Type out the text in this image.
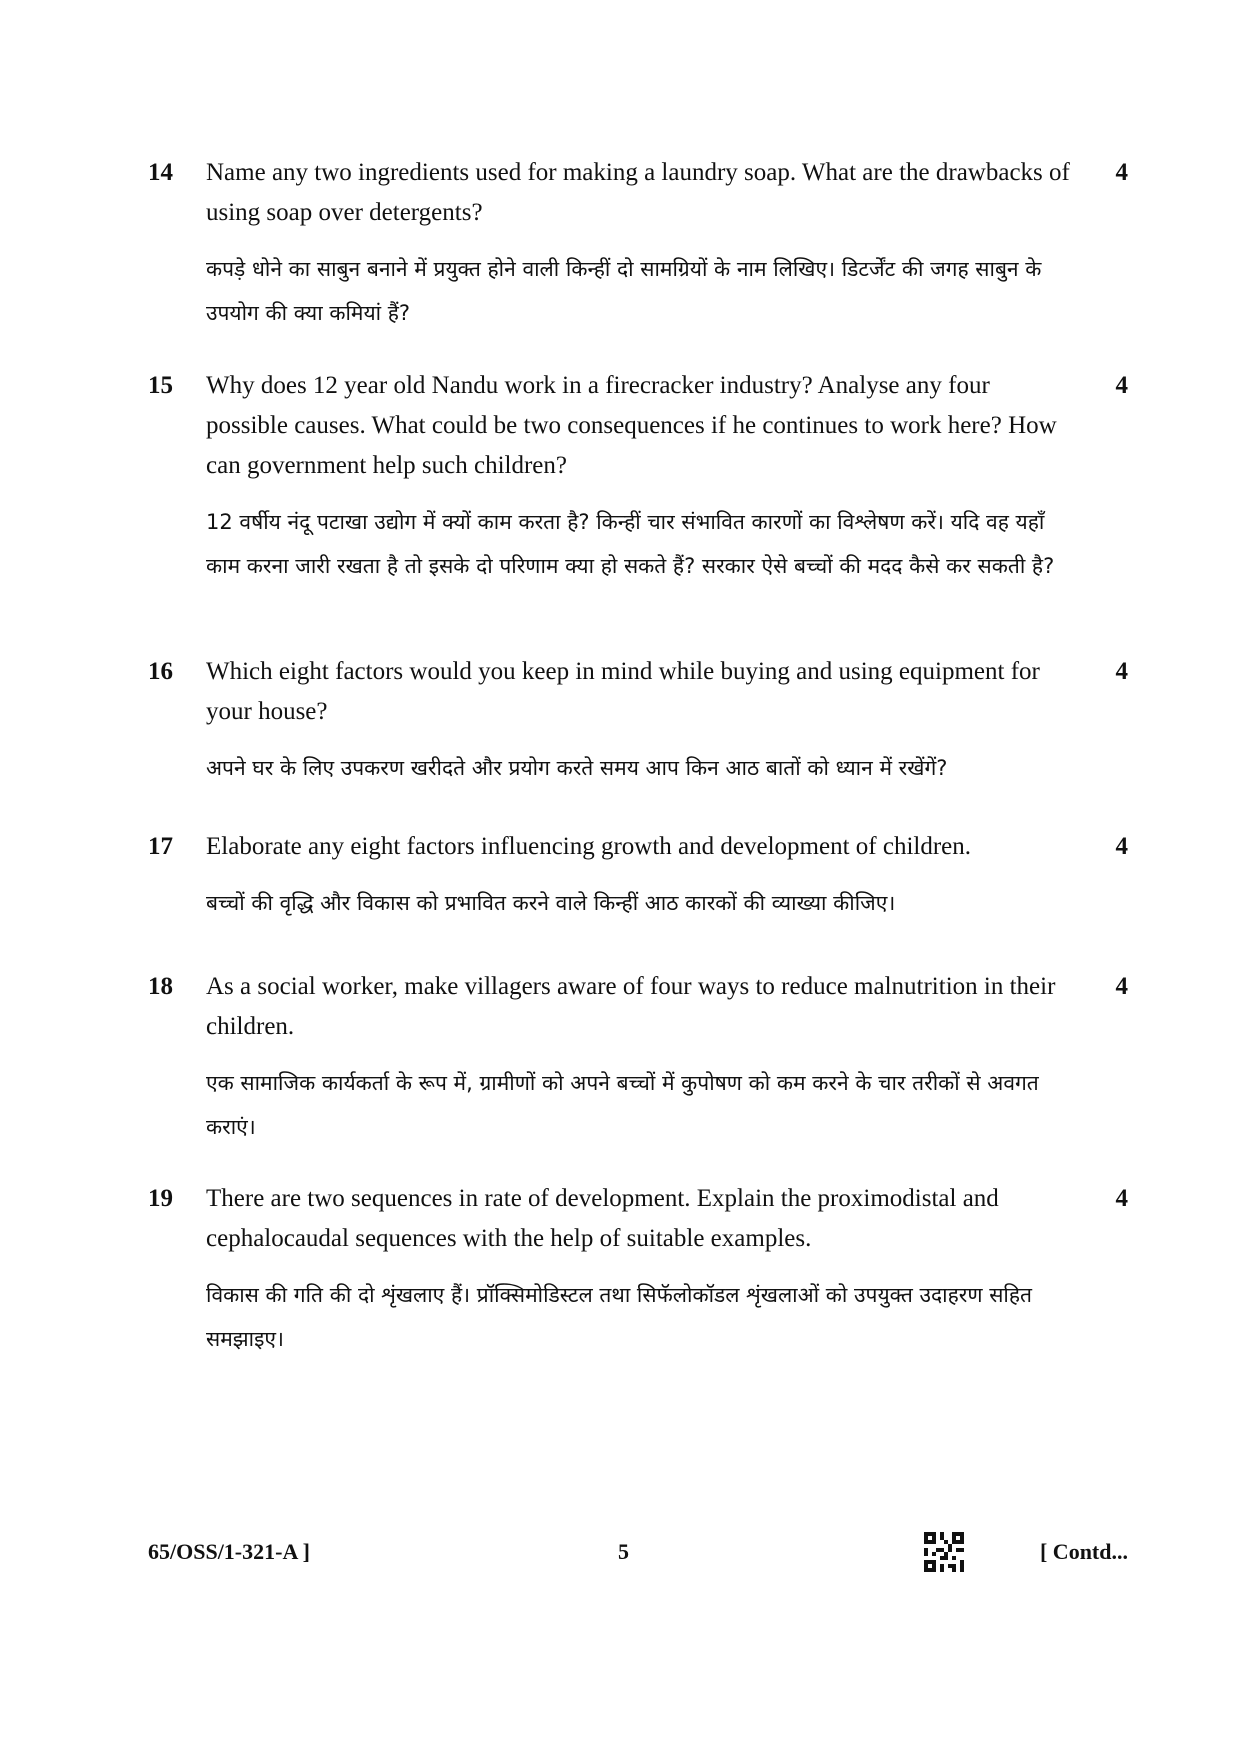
14	Name any two ingredients used for making a laundry soap. What are the drawbacks of using soap over detergents?
कपड़े धोने का साबुन बनाने में प्रयुक्त होने वाली किन्हीं दो सामग्रियों के नाम लिखिए। डिटर्जेंट की जगह साबुन के उपयोग की क्या कमियां हैं?
4
15	Why does 12 year old Nandu work in a firecracker industry? Analyse any four possible causes. What could be two consequences if he continues to work here? How can government help such children?
12 वर्षीय नंदू पटाखा उद्योग में क्यों काम करता है? किन्हीं चार संभावित कारणों का विश्लेषण करें। यदि वह यहाँ काम करना जारी रखता है तो इसके दो परिणाम क्या हो सकते हैं? सरकार ऐसे बच्चों की मदद कैसे कर सकती है?
4
16	Which eight factors would you keep in mind while buying and using equipment for your house?
अपने घर के लिए उपकरण खरीदते और प्रयोग करते समय आप किन आठ बातों को ध्यान में रखेंगें?
4
17	Elaborate any eight factors influencing growth and development of children.
बच्चों की वृद्धि और विकास को प्रभावित करने वाले किन्हीं आठ कारकों की व्याख्या कीजिए।
4
18	As a social worker, make villagers aware of four ways to reduce malnutrition in their children.
एक सामाजिक कार्यकर्ता के रूप में, ग्रामीणों को अपने बच्चों में कुपोषण को कम करने के चार तरीकों से अवगत कराएं।
4
19	There are two sequences in rate of development. Explain the proximodistal and cephalocaudal sequences with the help of suitable examples.
विकास की गति की दो शृंखलाए हैं। प्रॉक्सिमोडिस्टल तथा सिफॅलोकॉडल शृंखलाओं को उपयुक्त उदाहरण सहित समझाइए।
4
65/OSS/1-321-A ]	5	[ Contd...
